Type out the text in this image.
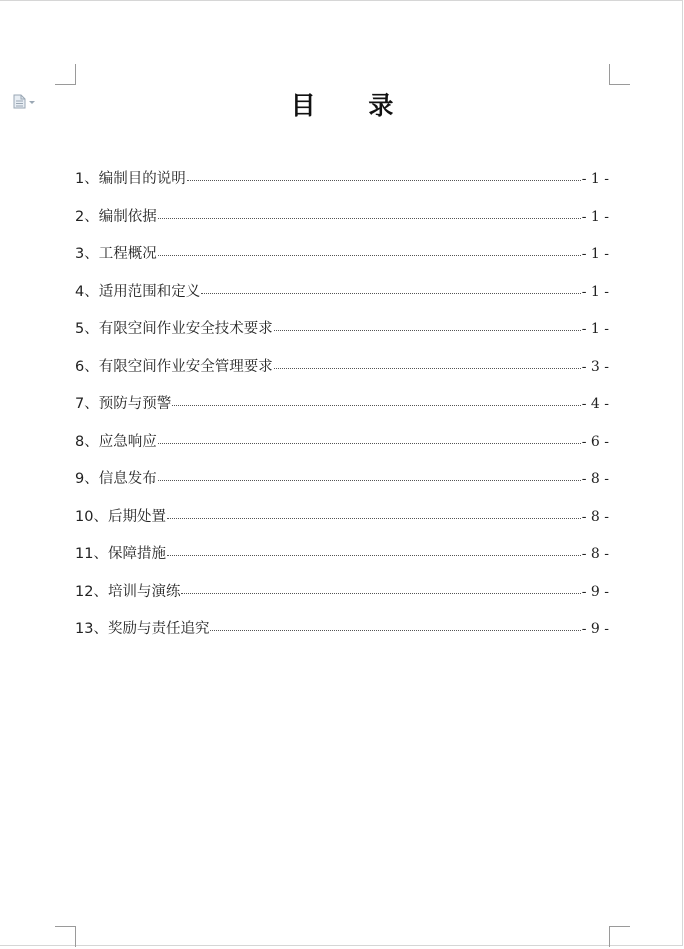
目 录
1、编制目的说明	- 1 -
2、编制依据	- 1 -
3、工程概况	- 1 -
4、适用范围和定义	- 1 -
5、有限空间作业安全技术要求	- 1 -
6、有限空间作业安全管理要求	- 3 -
7、预防与预警	- 4 -
8、应急响应	- 6 -
9、信息发布	- 8 -
10、后期处置	- 8 -
11、保障措施	- 8 -
12、培训与演练	- 9 -
13、奖励与责任追究	- 9 -
